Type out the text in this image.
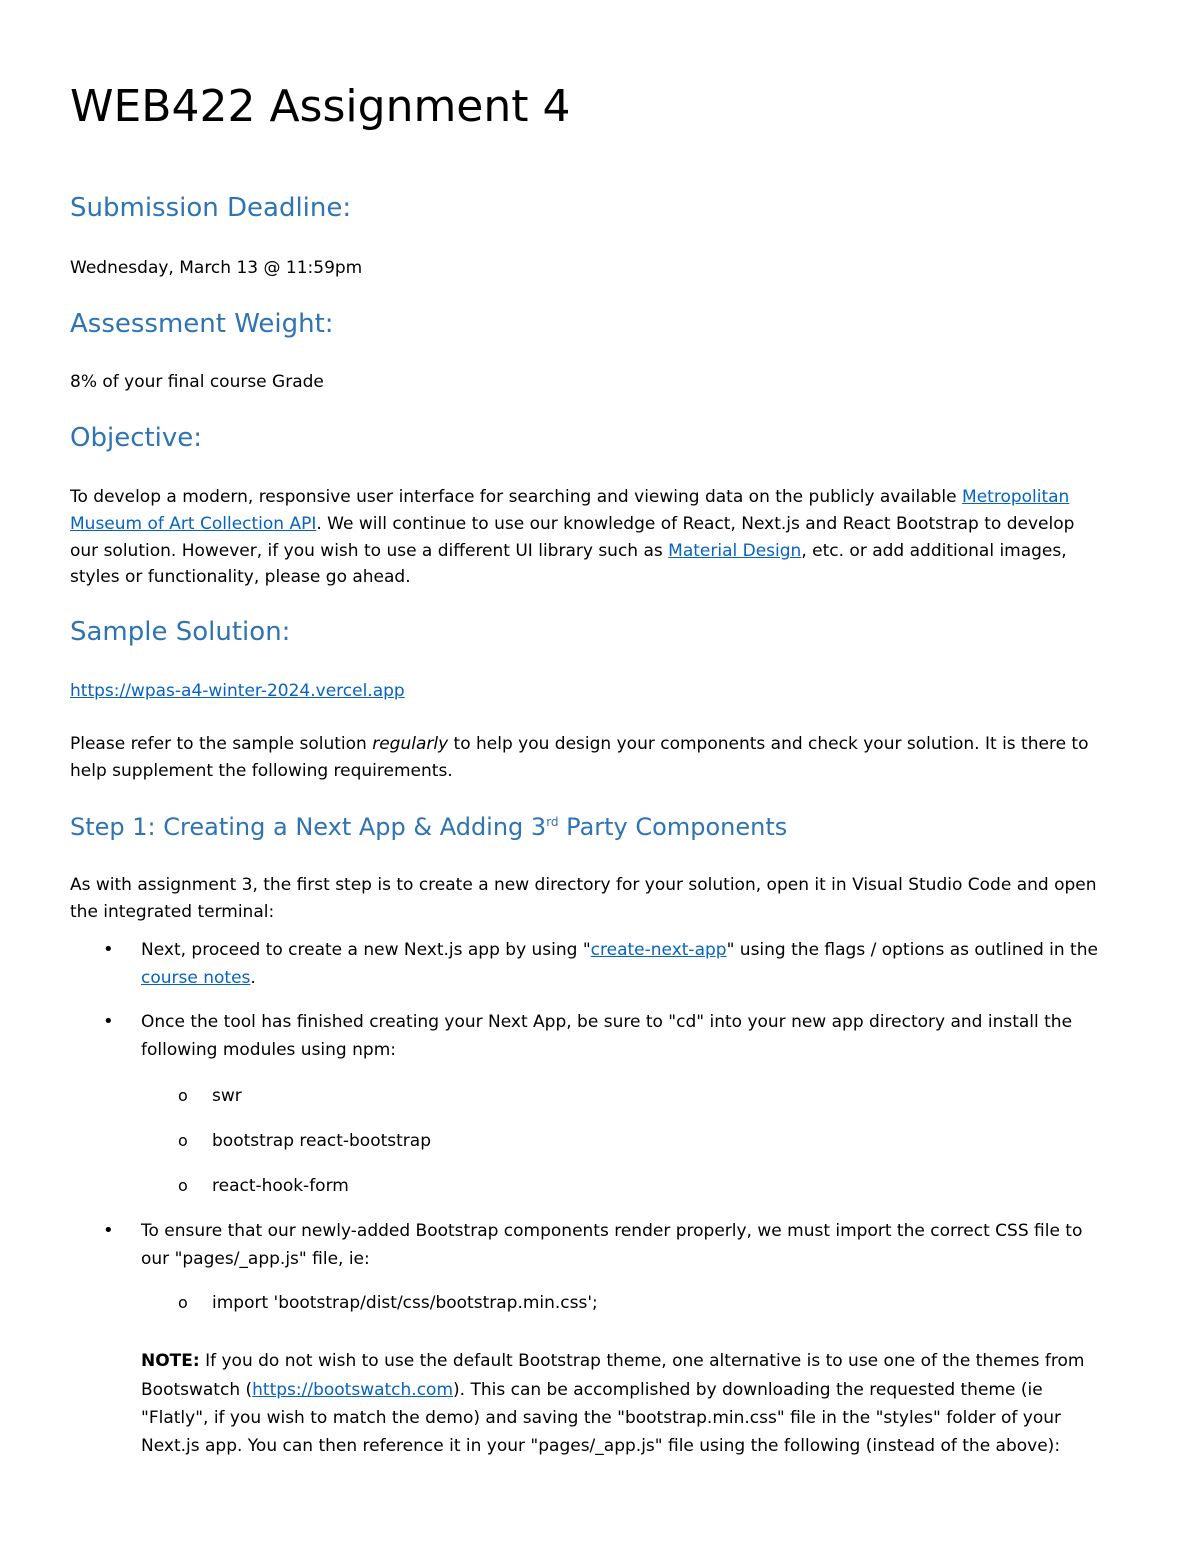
WEB422 Assignment 4
Submission Deadline:
Wednesday, March 13 @ 11:59pm
Assessment Weight:
8% of your final course Grade
Objective:
To develop a modern, responsive user interface for searching and viewing data on the publicly available Metropolitan
Museum of Art Collection API. We will continue to use our knowledge of React, Next.js and React Bootstrap to develop
our solution. However, if you wish to use a different UI library such as Material Design, etc. or add additional images,
styles or functionality, please go ahead.
Sample Solution:
https://wpas-a4-winter-2024.vercel.app
Please refer to the sample solution regularly to help you design your components and check your solution. It is there to
help supplement the following requirements.
Step 1: Creating a Next App & Adding 3rd Party Components
As with assignment 3, the first step is to create a new directory for your solution, open it in Visual Studio Code and open
the integrated terminal:
• Next, proceed to create a new Next.js app by using "create-next-app" using the flags / options as outlined in the
course notes.
• Once the tool has finished creating your Next App, be sure to "cd" into your new app directory and install the
following modules using npm:
o swr
o bootstrap react-bootstrap
o react-hook-form
• To ensure that our newly-added Bootstrap components render properly, we must import the correct CSS file to
our "pages/_app.js" file, ie:
o import 'bootstrap/dist/css/bootstrap.min.css';
NOTE: If you do not wish to use the default Bootstrap theme, one alternative is to use one of the themes from
Bootswatch (https://bootswatch.com). This can be accomplished by downloading the requested theme (ie
"Flatly", if you wish to match the demo) and saving the "bootstrap.min.css" file in the "styles" folder of your
Next.js app. You can then reference it in your "pages/_app.js" file using the following (instead of the above):
